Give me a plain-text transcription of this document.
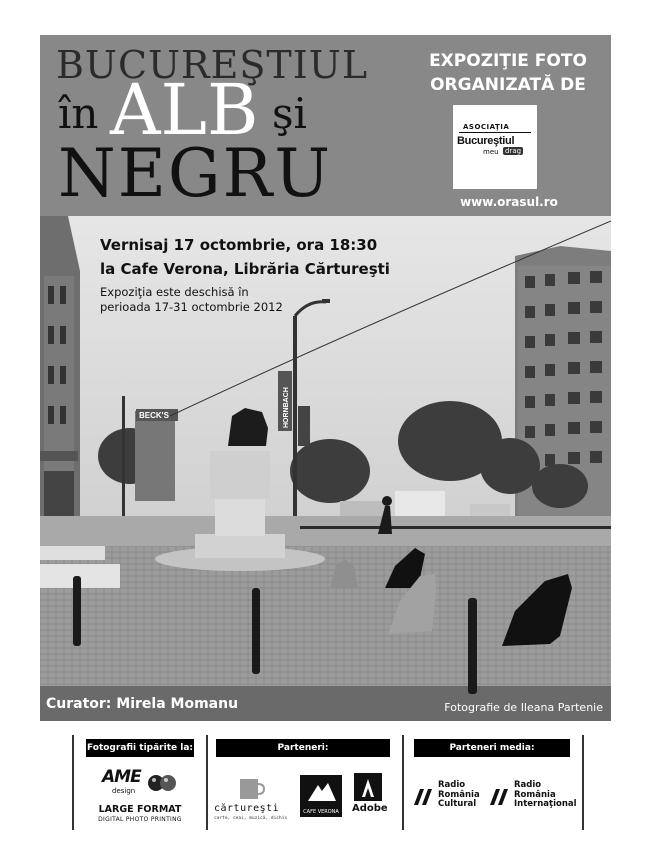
BUCUREŞTIUL
în ALB şi
NEGRU
EXPOZIŢIE FOTO
ORGANIZATĂ DE
ASOCIAŢIA
Bucureştiul
meu drag
www.orasul.ro
BECK'S	HORNBACH
Vernisaj 17 octombrie, ora 18:30
la Cafe Verona, Librăria Cărtureşti
Expoziţia este deschisă în
perioada 17-31 octombrie 2012
Curator: Mirela Momanu	Fotografie de Ileana Partenie
Fotografii tipărite la:
AME
design
LARGE FORMAT
DIGITAL PHOTO PRINTING
Parteneri:
cărtureşti
carte, ceai, muzică, dichis
CAFE VERONA	Adobe
Parteneri media:
Radio
România
Cultural
Radio
România
Internaţional
